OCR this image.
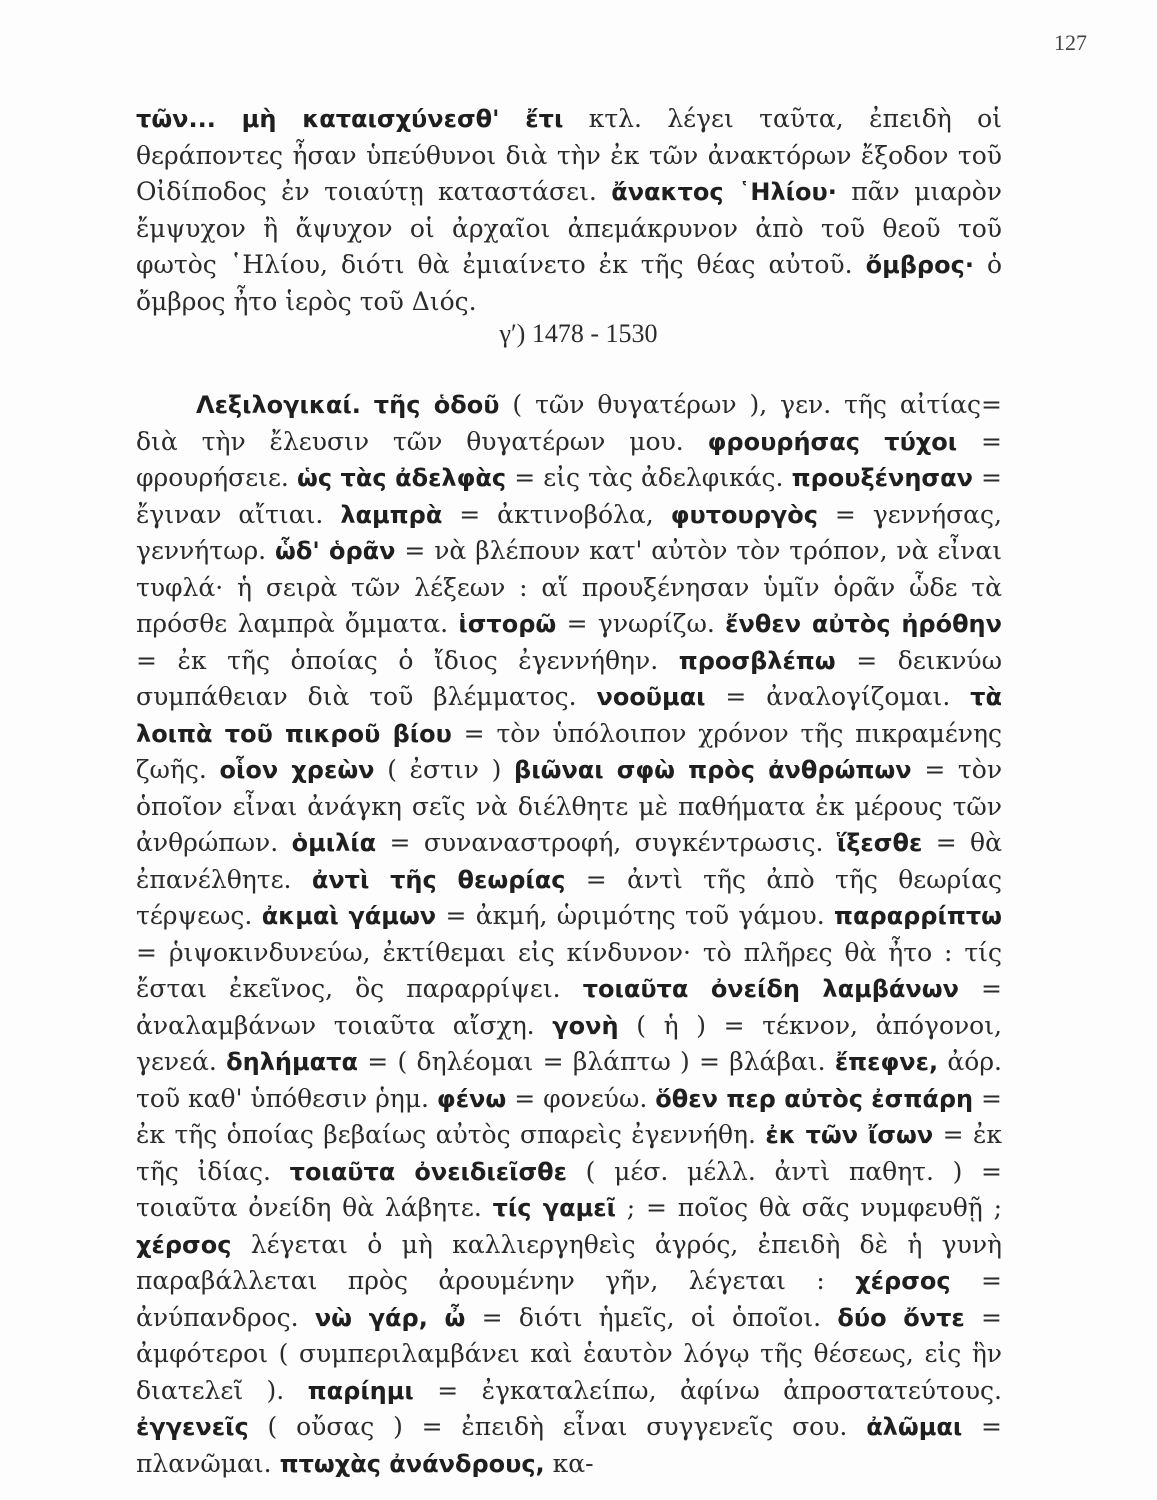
127
τῶν... μὴ καταισχύνεσθ' ἔτι κτλ. λέγει ταῦτα, ἐπειδὴ οἱ θεράποντες ἦσαν ὑπεύθυνοι διὰ τὴν ἐκ τῶν ἀνακτόρων ἔξοδον τοῦ Οἰδίποδος ἐν τοιαύτῃ καταστάσει. ἄνακτος ῾Ηλίου· πᾶν μιαρὸν ἔμψυχον ἢ ἄψυχον οἱ ἀρχαῖοι ἀπεμάκρυνον ἀπὸ τοῦ θεοῦ τοῦ φωτὸς ῾Ηλίου, διότι θὰ ἐμιαίνετο ἐκ τῆς θέας αὐτοῦ. ὄμβρος· ὁ ὄμβρος ἦτο ἱερὸς τοῦ Διός.
γ′) 1478 - 1530
Λεξιλογικαί. τῆς ὁδοῦ ( τῶν θυγατέρων ), γεν. τῆς αἰτίας= διὰ τὴν ἔλευσιν τῶν θυγατέρων μου. φρουρήσας τύχοι = φρουρήσειε. ὡς τὰς ἀδελφὰς = εἰς τὰς ἀδελφικάς. προυξένησαν = ἔγιναν αἴτιαι. λαμπρὰ = ἀκτινοβόλα, φυτουργὸς = γεννήσας, γεννήτωρ. ὧδ' ὁρᾶν = νὰ βλέπουν κατ' αὐτὸν τὸν τρόπον, νὰ εἶναι τυφλά· ἡ σειρὰ τῶν λέξεων : αἵ προυξένησαν ὑμῖν ὁρᾶν ὧδε τὰ πρόσθε λαμπρὰ ὄμματα. ἱστορῶ = γνωρίζω. ἔνθεν αὐτὸς ἠρόθην = ἐκ τῆς ὁποίας ὁ ἴδιος ἐγεννήθην. προσβλέπω = δεικνύω συμπάθειαν διὰ τοῦ βλέμματος. νοοῦμαι = ἀναλογίζομαι. τὰ λοιπὰ τοῦ πικροῦ βίου = τὸν ὑπόλοιπον χρόνον τῆς πικραμένης ζωῆς. οἷον χρεὼν ( ἐστιν ) βιῶναι σφὼ πρὸς ἀνθρώπων = τὸν ὁποῖον εἶναι ἀνάγκη σεῖς νὰ διέλθητε μὲ παθήματα ἐκ μέρους τῶν ἀνθρώπων. ὁμιλία = συναναστροφή, συγκέντρωσις. ἵξεσθε = θὰ ἐπανέλθητε. ἀντὶ τῆς θεωρίας = ἀντὶ τῆς ἀπὸ τῆς θεωρίας τέρψεως. ἀκμαὶ γάμων = ἀκμή, ὡριμότης τοῦ γάμου. παραρρίπτω = ῥιψοκινδυνεύω, ἐκτίθεμαι εἰς κίνδυνον· τὸ πλῆρες θὰ ἦτο : τίς ἔσται ἐκεῖνος, ὃς παραρρίψει. τοιαῦτα ὀνείδη λαμβάνων = ἀναλαμβάνων τοιαῦτα αἴσχη. γονὴ ( ἡ ) = τέκνον, ἀπόγονοι, γενεά. δηλήματα = ( δηλέομαι = βλάπτω ) = βλάβαι. ἔπεφνε, ἀόρ. τοῦ καθ' ὑπόθεσιν ῥημ. φένω = φονεύω. ὅθεν περ αὐτὸς ἐσπάρη = ἐκ τῆς ὁποίας βεβαίως αὐτὸς σπαρεὶς ἐγεννήθη. ἐκ τῶν ἴσων = ἐκ τῆς ἰδίας. τοιαῦτα ὀνειδιεῖσθε ( μέσ. μέλλ. ἀντὶ παθητ. ) = τοιαῦτα ὀνείδη θὰ λάβητε. τίς γαμεῖ ; = ποῖος θὰ σᾶς νυμφευθῇ ; χέρσος λέγεται ὁ μὴ καλλιεργηθεὶς ἀγρός, ἐπειδὴ δὲ ἡ γυνὴ παραβάλλεται πρὸς ἀρουμένην γῆν, λέγεται : χέρσος = ἀνύπανδρος. νὼ γάρ, ὦ = διότι ἡμεῖς, οἱ ὁποῖοι. δύο ὄντε = ἀμφότεροι ( συμπεριλαμβάνει καὶ ἑαυτὸν λόγῳ τῆς θέσεως, εἰς ἣν διατελεῖ ). παρίημι = ἐγκαταλείπω, ἀφίνω ἀπροστατεύτους. ἐγγενεῖς ( οὔσας ) = ἐπειδὴ εἶναι συγγενεῖς σου. ἀλῶμαι = πλανῶμαι. πτωχὰς ἀνάνδρους, κα-
